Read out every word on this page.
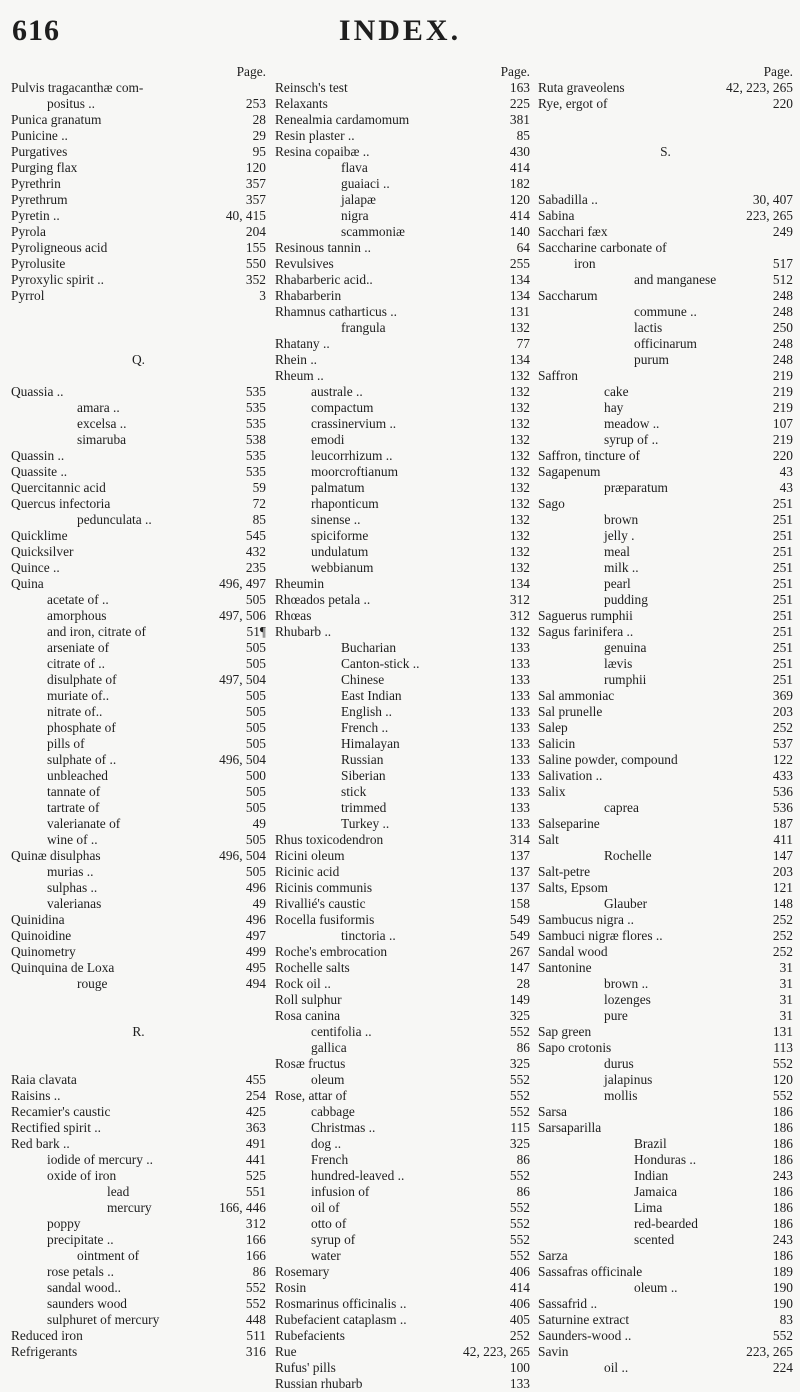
616	INDEX.
Page.
Pulvis tragacanthæ com-
positus ..	253
Punica granatum	28
Punicine ..	29
Purgatives	95
Purging flax	120
Pyrethrin	357
Pyrethrum	357
Pyretin ..	40, 415
Pyrola	204
Pyroligneous acid	155
Pyrolusite	550
Pyroxylic spirit ..	352
Pyrrol	3
Q.
Quassia ..	535
amara ..	535
excelsa ..	535
simaruba	538
Quassin ..	535
Quassite ..	535
Quercitannic acid	59
Quercus infectoria	72
pedunculata ..	85
Quicklime	545
Quicksilver	432
Quince ..	235
Quina	496, 497
acetate of ..	505
amorphous	497, 506
and iron, citrate of	51¶
arseniate of	505
citrate of ..	505
disulphate of	497, 504
muriate of..	505
nitrate of..	505
phosphate of	505
pills of	505
sulphate of ..	496, 504
unbleached	500
tannate of	505
tartrate of	505
valerianate of	49
wine of ..	505
Quinæ disulphas	496, 504
murias ..	505
sulphas ..	496
valerianas	49
Quinidina	496
Quinoidine	497
Quinometry	499
Quinquina de Loxa	495
rouge	494
R.
Raia clavata	455
Raisins ..	254
Recamier's caustic	425
Rectified spirit ..	363
Red bark ..	491
iodide of mercury ..	441
oxide of iron	525
lead	551
mercury	166, 446
poppy	312
precipitate ..	166
ointment of	166
rose petals ..	86
sandal wood..	552
saunders wood	552
sulphuret of mercury	448
Reduced iron	511
Refrigerants	316
Page.
Reinsch's test	163
Relaxants	225
Renealmia cardamomum	381
Resin plaster ..	85
Resina copaibæ ..	430
flava	414
guaiaci ..	182
jalapæ	120
nigra	414
scammoniæ	140
Resinous tannin ..	64
Revulsives	255
Rhabarberic acid..	134
Rhabarberin	134
Rhamnus catharticus ..	131
frangula	132
Rhatany ..	77
Rhein ..	134
Rheum ..	132
australe ..	132
compactum	132
crassinervium ..	132
emodi	132
leucorrhizum ..	132
moorcroftianum	132
palmatum	132
rhaponticum	132
sinense ..	132
spiciforme	132
undulatum	132
webbianum	132
Rheumin	134
Rhœados petala ..	312
Rhœas	312
Rhubarb ..	132
Bucharian	133
Canton-stick ..	133
Chinese	133
East Indian	133
English ..	133
French ..	133
Himalayan	133
Russian	133
Siberian	133
stick	133
trimmed	133
Turkey ..	133
Rhus toxicodendron	314
Ricini oleum	137
Ricinic acid	137
Ricinis communis	137
Rivallié's caustic	158
Rocella fusiformis	549
tinctoria ..	549
Roche's embrocation	267
Rochelle salts	147
Rock oil ..	28
Roll sulphur	149
Rosa canina	325
centifolia ..	552
gallica	86
Rosæ fructus	325
oleum	552
Rose, attar of	552
cabbage	552
Christmas ..	115
dog ..	325
French	86
hundred-leaved ..	552
infusion of	86
oil of	552
otto of	552
syrup of	552
water	552
Rosemary	406
Rosin	414
Rosmarinus officinalis ..	406
Rubefacient cataplasm ..	405
Rubefacients	252
Rue	42, 223, 265
Rufus' pills	100
Russian rhubarb	133
Page.
Ruta graveolens	42, 223, 265
Rye, ergot of	220
S.
Sabadilla ..	30, 407
Sabina	223, 265
Sacchari fæx	249
Saccharine carbonate of
iron	517
and manganese	512
Saccharum	248
commune ..	248
lactis	250
officinarum	248
purum	248
Saffron	219
cake	219
hay	219
meadow ..	107
syrup of ..	219
Saffron, tincture of	220
Sagapenum	43
præparatum	43
Sago	251
brown	251
jelly .	251
meal	251
milk ..	251
pearl	251
pudding	251
Saguerus rumphii	251
Sagus farinifera ..	251
genuina	251
lævis	251
rumphii	251
Sal ammoniac	369
Sal prunelle	203
Salep	252
Salicin	537
Saline powder, compound	122
Salivation ..	433
Salix	536
caprea	536
Salseparine	187
Salt	411
Rochelle	147
Salt-petre	203
Salts, Epsom	121
Glauber	148
Sambucus nigra ..	252
Sambuci nigræ flores ..	252
Sandal wood	252
Santonine	31
brown ..	31
lozenges	31
pure	31
Sap green	131
Sapo crotonis	113
durus	552
jalapinus	120
mollis	552
Sarsa	186
Sarsaparilla	186
Brazil	186
Honduras ..	186
Indian	243
Jamaica	186
Lima	186
red-bearded	186
scented	243
Sarza	186
Sassafras officinale	189
oleum ..	190
Sassafrid ..	190
Saturnine extract	83
Saunders-wood ..	552
Savin	223, 265
oil ..	224
